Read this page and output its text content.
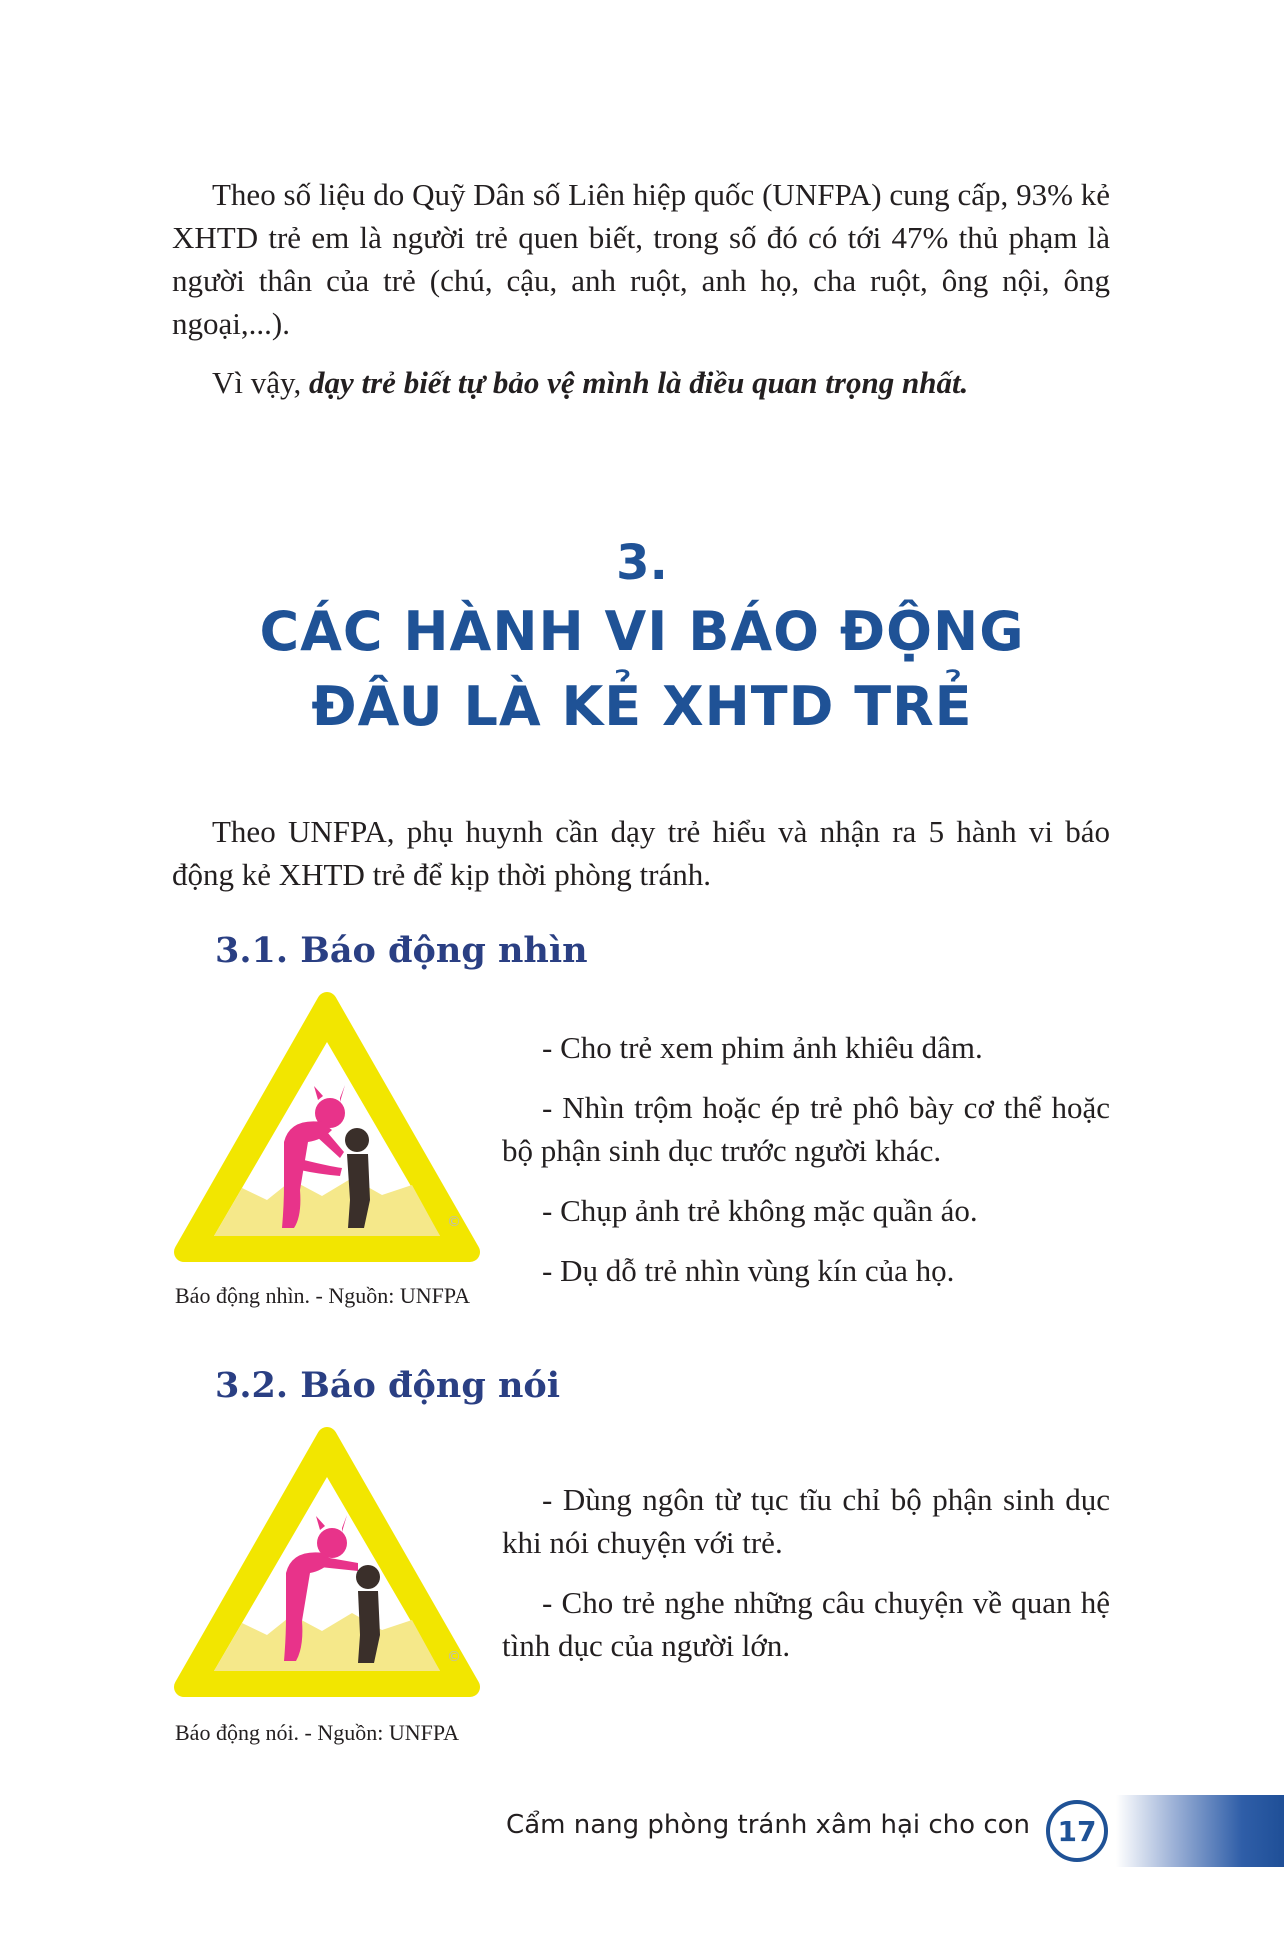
Theo số liệu do Quỹ Dân số Liên hiệp quốc (UNFPA) cung cấp, 93% kẻ XHTD trẻ em là người trẻ quen biết, trong số đó có tới 47% thủ phạm là người thân của trẻ (chú, cậu, anh ruột, anh họ, cha ruột, ông nội, ông ngoại,...).

Vì vậy, dạy trẻ biết tự bảo vệ mình là điều quan trọng nhất.

3.
CÁC HÀNH VI BÁO ĐỘNG
ĐÂU LÀ KẺ XHTD TRẺ

Theo UNFPA, phụ huynh cần dạy trẻ hiểu và nhận ra 5 hành vi báo động kẻ XHTD trẻ để kịp thời phòng tránh.

3.1. Báo động nhìn
©

Báo động nhìn. - Nguồn: UNFPA

- Cho trẻ xem phim ảnh khiêu dâm.
- Nhìn trộm hoặc ép trẻ phô bày cơ thể hoặc bộ phận sinh dục trước người khác.
- Chụp ảnh trẻ không mặc quần áo.
- Dụ dỗ trẻ nhìn vùng kín của họ.
3.2. Báo động nói
©

Báo động nói. - Nguồn: UNFPA

- Dùng ngôn từ tục tĩu chỉ bộ phận sinh dục khi nói chuyện với trẻ.
- Cho trẻ nghe những câu chuyện về quan hệ tình dục của người lớn.
Cẩm nang phòng tránh xâm hại cho con 17
